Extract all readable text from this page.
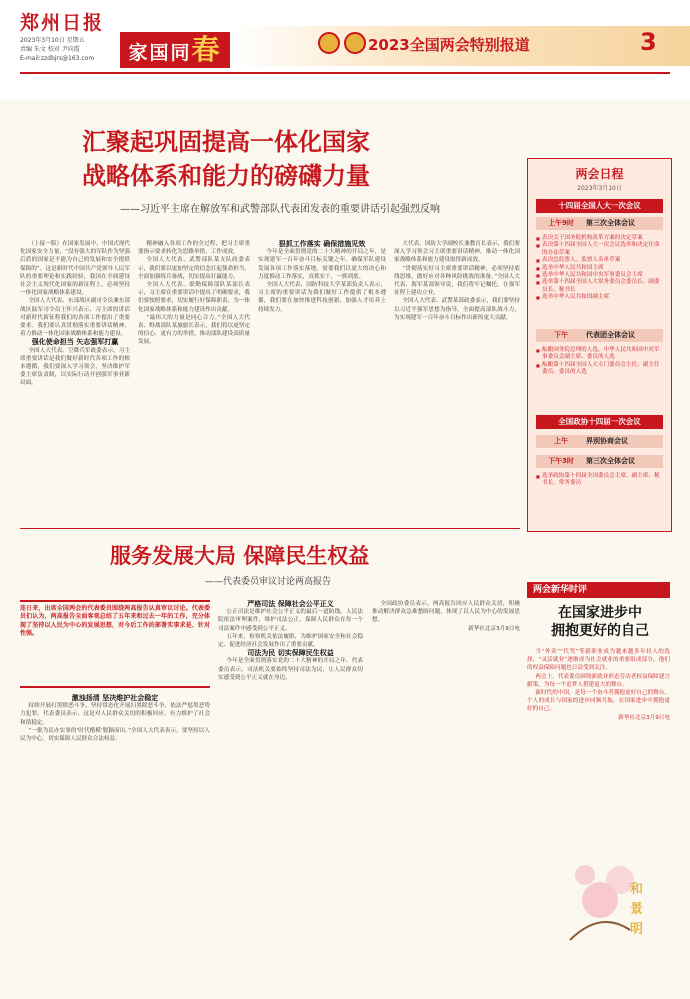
郑州日报
2023年3月10日 星期五
责编 朱文 校对 尹向霞
E-mail:zzdbjrs@163.com	家国同春	2023全国两会特别报道	3
汇聚起巩固提高一体化国家
战略体系和能力的磅礴力量
——习近平主席在解放军和武警部队代表团发表的重要讲话引起强烈反响

（上接一版）在国家发展中，中国式现代化国家安全力量，“没有强大的军队作为坚强后盾的国家是不能为自己的发展和安全提供保障的”。这是新时代中国共产党领导人民军队的重要理论和实践经验，我国在全面建设社会主义现代化国家的新征程上，必须坚持一体化国家战略体系建设。

全国人大代表、东部战区副司令员兼东部战区陆军司令员王怀兴表示，习主席的讲话对新时代新征程我们的各项工作提出了重要要求。我们要认真贯彻落实重要讲话精神，着力推动一体化国家战略体系和能力建设。

强化使命担当 矢志强军打赢

全国人大代表、空降兵军政委表示，习主席重要讲话是我们做好新时代各项工作的根本遵循，我们要深入学习领会，坚决维护军委主席负责制，以实际行动开创强军事业新局面。

精神融入各项工作的全过程，把习主席重要指示要求转化为思路举措、工作成效。

全国人大代表、武警部队某支队政委表示，我们要以更加坚定的信念扛起使命担当，全面加强练兵备战，切实提高打赢能力。

全国人大代表、联勤保障部队某部长表示，习主席在重要讲话中提出了明确要求，我们要按照要求，切实履行好保障职责，为一体化国家战略体系和能力建设作出贡献。

“最伟大的力量是同心合力。”全国人大代表、野战部队某旅旅长表示，我们将以更坚定的信心、更有力的举措，推动部队建设高质量发展。

狠抓工作落实 确保措施见效

今年是全面贯彻党的二十大精神的开局之年，是实现建军一百年奋斗目标关键之年。确保军队建设发展各项工作落实落地，需要我们以更大的决心和力度推动工作落实，真抓实干，一抓到底。

全国人大代表、国防科技大学某部负责人表示，习主席的重要讲话为我们做好工作提供了根本遵循，我们要在加快推进科技创新、加强人才培养上持续发力。

大代表、国防大学副校长兼教育长表示，我们要深入学习领会习主席重要讲话精神，推动一体化国家战略体系和能力建设取得新成效。

“贯彻落实好习主席重要讲话精神，必须坚持底线思维，做好应对各种风险挑战的准备。”全国人大代表、海军某部领导说，我们将牢记嘱托，在强军征程上建功立业。

全国人大代表、武警某部政委表示，我们要坚持以习近平强军思想为指导，全面提高部队战斗力，为实现建军一百年奋斗目标作出新的更大贡献。

两会日程
2023年3月10日
十四届全国人大一次会议
上午9时 第三次全体会议
■ 表决关于国务院机构改革方案的决定草案
■ 表决第十四届全国人大一次会议选举和决定任命的办法草案
■ 表决总监票人、监票人名单草案
■ 选举中华人民共和国主席
■ 选举中华人民共和国中央军事委员会主席
■ 选举第十四届全国人大常务委员会委员长、副委员长、秘书长
■ 选举中华人民共和国副主席
下午	代表团全体会议
■ 酝酿国务院总理的人选、中华人民共和国中央军事委员会副主席、委员的人选
■ 酝酿第十四届全国人大专门委员会主任、副主任委员、委员的人选
全国政协十四届一次会议
上午	界别协商会议
下午3时 第三次全体会议
■ 选举政协第十四届全国委员会主席、副主席、秘书长、常务委员
服务发展大局 保障民生权益
——代表委员审议讨论两高报告
连日来，出席全国两会的代表委员围绕两高报告认真审议讨论。代表委员们认为，两高报告全面客观总结了五年来和过去一年的工作，充分体现了坚持以人民为中心的发展思想，对今后工作的部署实事求是、针对性强。

激浊扬清 坚决维护社会稳定

持续开展打黑除恶斗争，坚持常态化开展扫黑除恶斗争，依法严惩黑恶势力犯罪。代表委员表示，这是对人民群众关切的积极回应，有力维护了社会和谐稳定。

“一批为民办实事的‘时代楷模’脱颖而出。”全国人大代表表示，要坚持以人民为中心，切实保障人民群众合法权益。

严格司法 保障社会公平正义

公正司法是维护社会公平正义的最后一道防线。人民法院依法审理案件，维护司法公正，保障人民群众在每一个司法案件中感受到公平正义。

五年来，检察机关依法履职，为维护国家安全和社会稳定、促进经济社会发展作出了重要贡献。

司法为民 切实保障民生权益

今年是全面贯彻落实党的二十大精神的开局之年。代表委员表示，司法机关要始终坚持司法为民，让人民群众切实感受到公平正义就在身边。

全国政协委员表示，两高报告回应人民群众关切，积极推动解决群众急难愁盼问题，体现了以人民为中心的发展思想。

新华社北京3月9日电

两会新华时评
在国家进步中
拥抱更好的自己

当“外卖”“代驾”等新职业成为越来越多年轻人的选择，“灵活就业”逐渐成为社会就业的重要组成部分，他们的权益保障问题也日益受到关注。

两会上，代表委员围绕新就业形态劳动者权益保障建言献策，为每一个追梦人搭建更大的舞台。

新时代的中国，是每一个奋斗者拥抱更好自己的舞台。个人的成长与国家的进步同频共振，在国家进步中拥抱更好的自己。

新华社北京3月9日电

和
景
明
